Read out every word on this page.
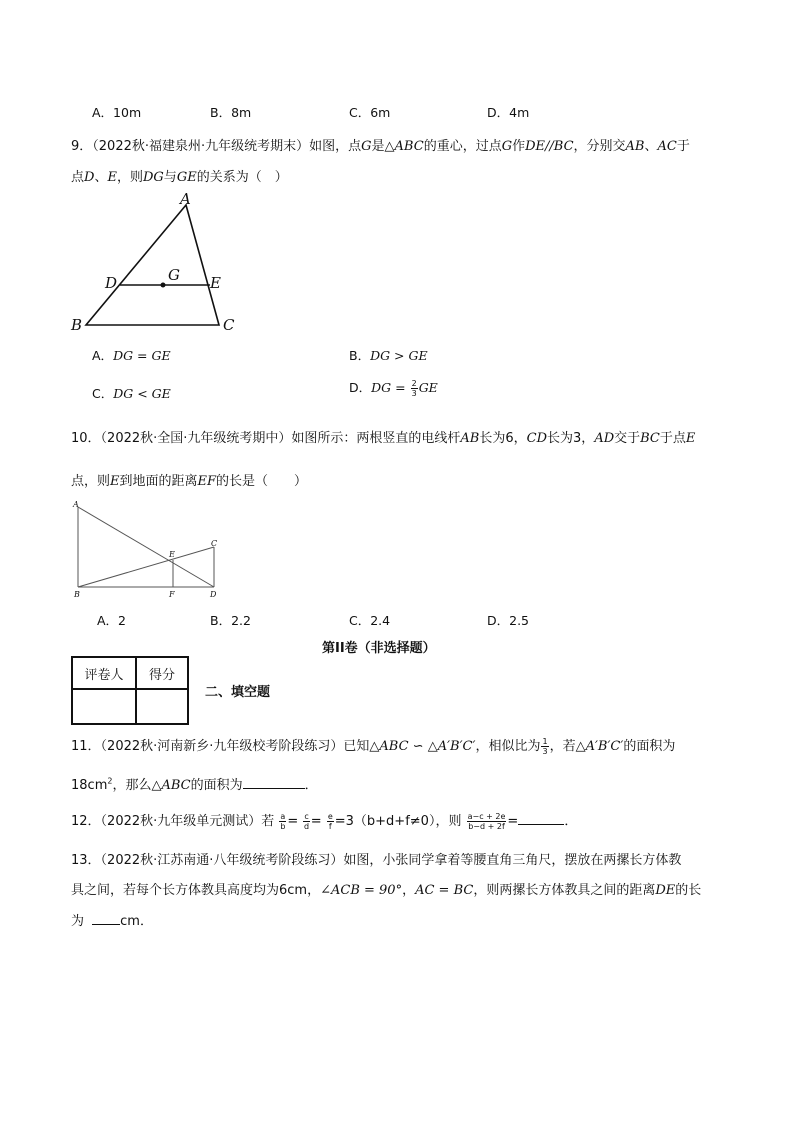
A．10m	B．8m	C．6m	D．4m
9．（2022秋·福建泉州·九年级统考期末）如图，点G是△ABC的重心，过点G作DE//BC，分别交AB、AC于
点D、E，则DG与GE的关系为（　）
A
B	C
D	E
G
A．DG = GE	B．DG > GE
C．DG < GE	D．DG = $\frac{2}{3}$ GE
10．（2022秋·全国·九年级统考期中）如图所示：两根竖直的电线杆AB长为6，CD长为3，AD交于BC于点E
点，则E到地面的距离EF的长是（　　）
A
B
C
D
E
F
A．2	B．2.2	C．2.4	D．2.5
第II卷（非选择题）
评卷人	得分

二、填空题
11．（2022秋·河南新乡·九年级校考阶段练习）已知△ABC ∽ △A′B′C′，相似比为 $\frac{1}{3}$ ，若△A′B′C′的面积为
$18cm^2$，那么△ABC的面积为	．
12．（2022秋·九年级单元测试）若 $\frac{a}{b} = \frac{c}{d} = \frac{e}{f} =3(b+d+f\ne 0)$，则 $\frac{a-c + 2e}{b-d + 2f}$ =	．
13．（2022秋·江苏南通·八年级统考阶段练习）如图，小张同学拿着等腰直角三角尺，摆放在两摞长方体教
具之间，若每个长方体教具高度均为6cm，∠ACB = 90°，AC = BC，则两摞长方体教具之间的距离DE的长
为	cm．
